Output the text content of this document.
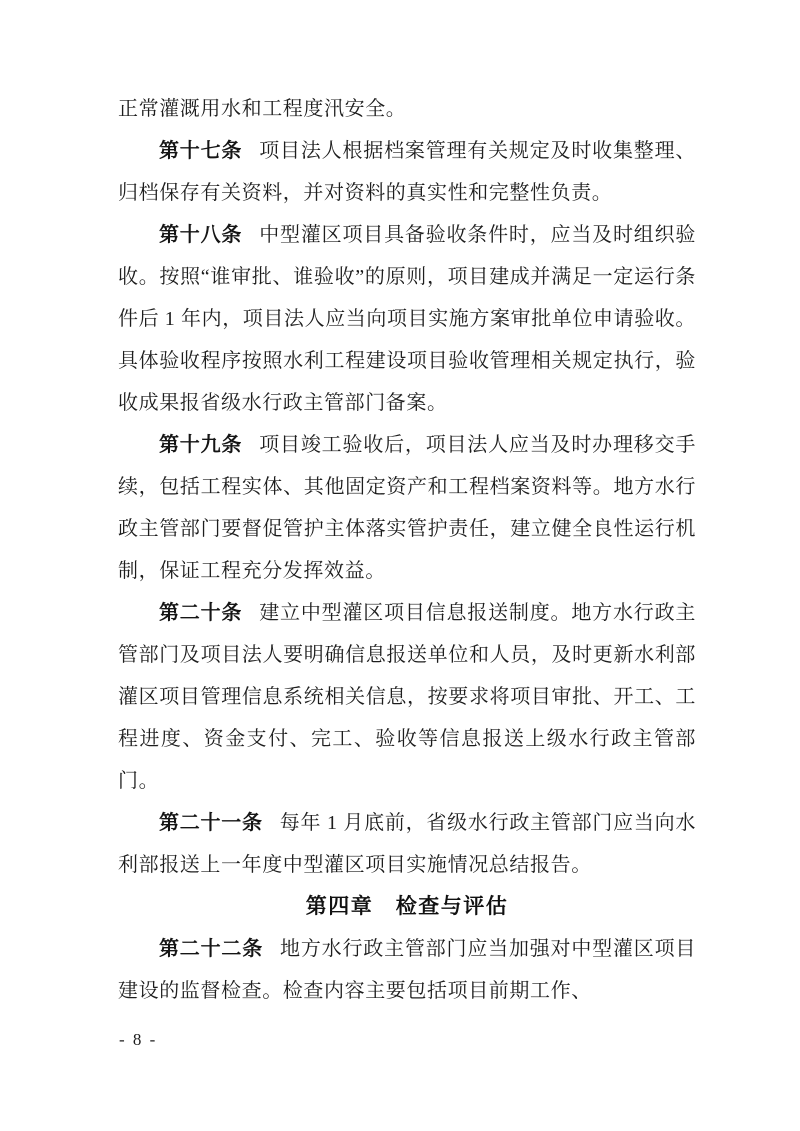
正常灌溉用水和工程度汛安全。

第十七条 项目法人根据档案管理有关规定及时收集整理、归档保存有关资料，并对资料的真实性和完整性负责。

第十八条 中型灌区项目具备验收条件时，应当及时组织验收。按照“谁审批、谁验收”的原则，项目建成并满足一定运行条件后 1 年内，项目法人应当向项目实施方案审批单位申请验收。具体验收程序按照水利工程建设项目验收管理相关规定执行，验收成果报省级水行政主管部门备案。

第十九条 项目竣工验收后，项目法人应当及时办理移交手续，包括工程实体、其他固定资产和工程档案资料等。地方水行政主管部门要督促管护主体落实管护责任，建立健全良性运行机制，保证工程充分发挥效益。

第二十条 建立中型灌区项目信息报送制度。地方水行政主管部门及项目法人要明确信息报送单位和人员，及时更新水利部灌区项目管理信息系统相关信息，按要求将项目审批、开工、工程进度、资金支付、完工、验收等信息报送上级水行政主管部门。

第二十一条 每年 1 月底前，省级水行政主管部门应当向水利部报送上一年度中型灌区项目实施情况总结报告。

第四章　检查与评估

第二十二条 地方水行政主管部门应当加强对中型灌区项目建设的监督检查。检查内容主要包括项目前期工作、

- 8 -
